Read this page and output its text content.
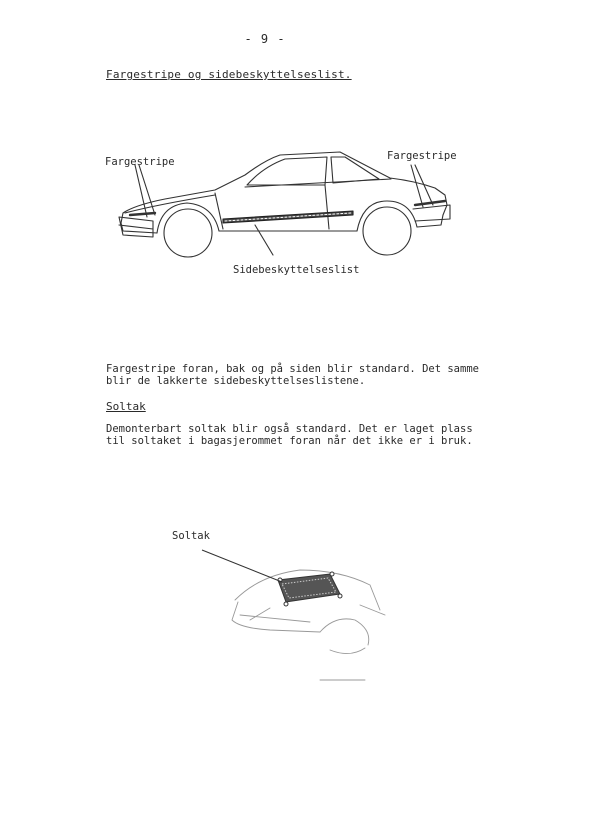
- 9 -
Fargestripe og sidebeskyttelseslist.
Fargestripe	Fargestripe
Sidebeskyttelseslist

Fargestripe foran, bak og på siden blir standard. Det samme blir de lakkerte sidebeskyttelseslistene.

Soltak

Demonterbart soltak blir også standard. Det er laget plass til soltaket i bagasjerommet foran når det ikke er i bruk.

Soltak
